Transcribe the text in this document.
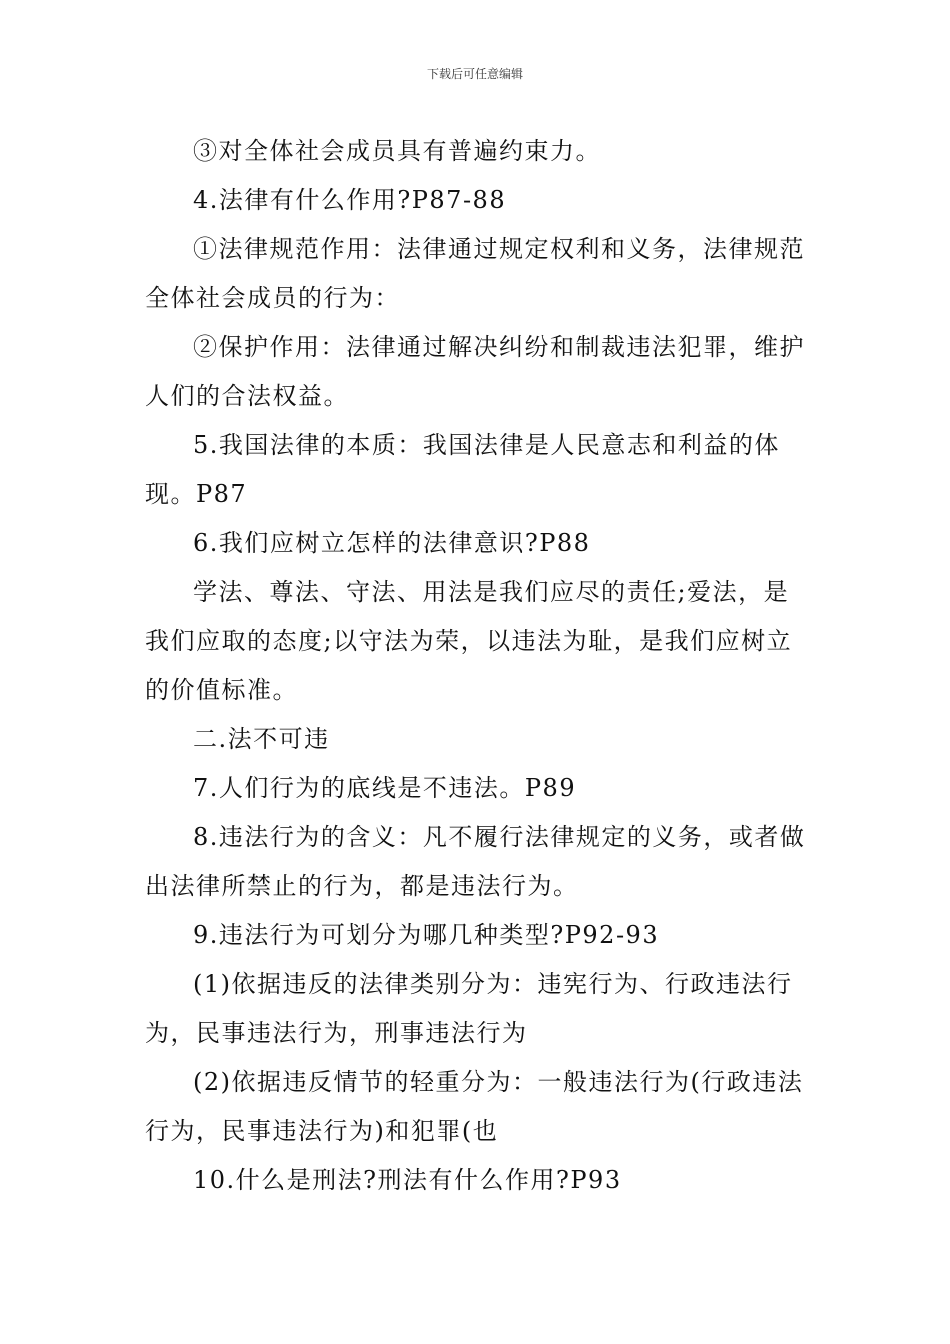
下载后可任意编辑

③对全体社会成员具有普遍约束力。

4.法律有什么作用?P87-88

①法律规范作用：法律通过规定权利和义务，法律规范全体社会成员的行为：

②保护作用：法律通过解决纠纷和制裁违法犯罪，维护人们的合法权益。

5.我国法律的本质：我国法律是人民意志和利益的体现。P87

6.我们应树立怎样的法律意识?P88

学法、尊法、守法、用法是我们应尽的责任;爱法，是我们应取的态度;以守法为荣，以违法为耻，是我们应树立的价值标准。

二.法不可违

7.人们行为的底线是不违法。P89

8.违法行为的含义：凡不履行法律规定的义务，或者做出法律所禁止的行为，都是违法行为。

9.违法行为可划分为哪几种类型?P92-93

(1)依据违反的法律类别分为：违宪行为、行政违法行为，民事违法行为，刑事违法行为

(2)依据违反情节的轻重分为：一般违法行为(行政违法行为，民事违法行为)和犯罪(也

10.什么是刑法?刑法有什么作用?P93
